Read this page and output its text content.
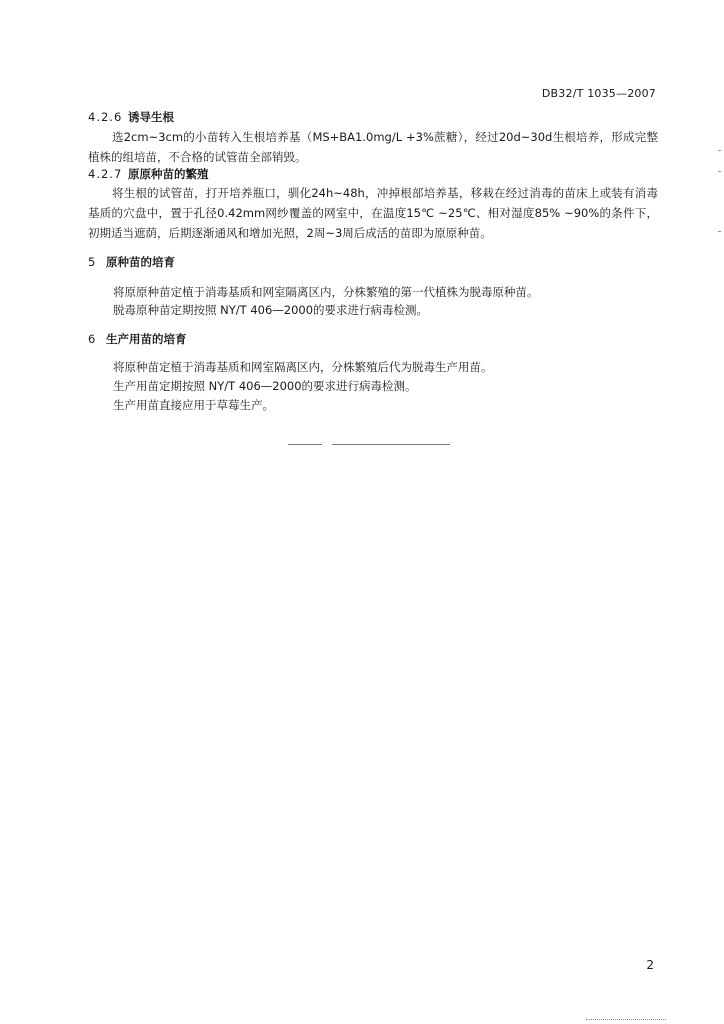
DB32/T 1035—2007
4.2.6 诱导生根
选2cm~3cm的小苗转入生根培养基（MS+BA1.0mg/L +3%蔗糖），经过20d~30d生根培养，形成完整植株的组培苗，不合格的试管苗全部销毁。
4.2.7 原原种苗的繁殖
将生根的试管苗，打开培养瓶口，驯化24h~48h，冲掉根部培养基，移栽在经过消毒的苗床上或装有消毒基质的穴盘中，置于孔径0.42mm网纱覆盖的网室中，在温度15℃ ~25℃、相对湿度85% ~90%的条件下，初期适当遮荫，后期逐渐通风和增加光照，2周~3周后成活的苗即为原原种苗。
5 原种苗的培育
将原原种苗定植于消毒基质和网室隔离区内，分株繁殖的第一代植株为脱毒原种苗。
脱毒原种苗定期按照 NY/T 406—2000的要求进行病毒检测。
6 生产用苗的培育
将原种苗定植于消毒基质和网室隔离区内，分株繁殖后代为脱毒生产用苗。
生产用苗定期按照 NY/T 406—2000的要求进行病毒检测。
生产用苗直接应用于草莓生产。
2
